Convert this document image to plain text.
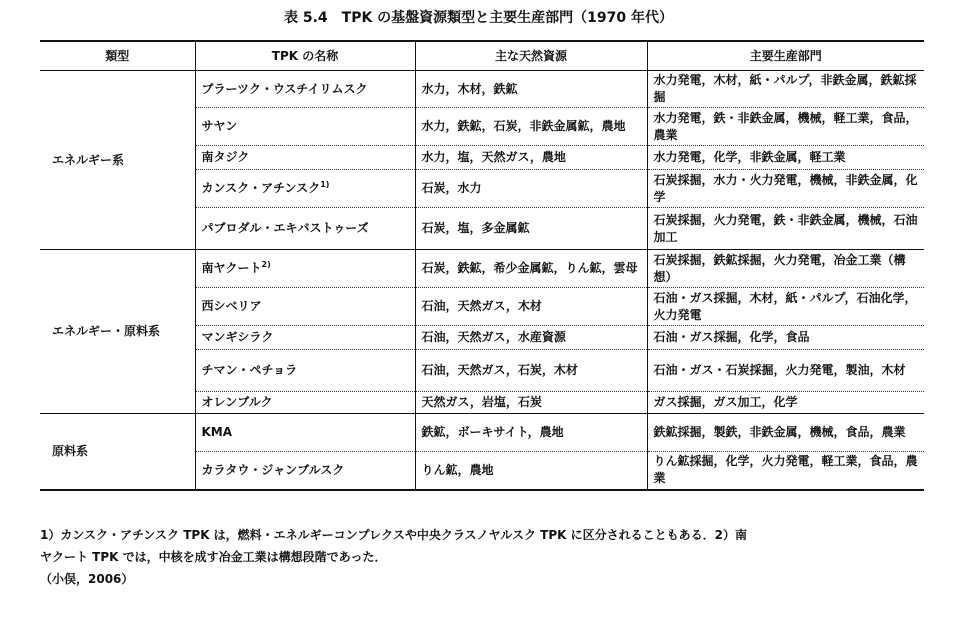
表 5.4　TPK の基盤資源類型と主要生産部門（1970 年代）
類型	TPK の名称	主な天然資源	主要生産部門
エネルギー系	ブラーツク・ウスチイリムスク	水力，木材，鉄鉱	水力発電，木材，紙・パルプ，非鉄金属，鉄鉱採掘
	サヤン	水力，鉄鉱，石炭，非鉄金属鉱，農地	水力発電，鉄・非鉄金属，機械，軽工業，食品，農業
	南タジク	水力，塩，天然ガス，農地	水力発電，化学，非鉄金属，軽工業
	カンスク・アチンスク$^{1)}$	石炭，水力	石炭採掘，水力・火力発電，機械，非鉄金属，化学
	パブロダル・エキバストゥーズ	石炭，塩，多金属鉱	石炭採掘，火力発電，鉄・非鉄金属，機械，石油加工
エネルギー・原料系	南ヤクート$^{2)}$	石炭，鉄鉱，希少金属鉱，りん鉱，雲母	石炭採掘，鉄鉱採掘，火力発電，冶金工業（構想）
	西シベリア	石油，天然ガス，木材	石油・ガス採掘，木材，紙・パルプ，石油化学，火力発電
	マンギシラク	石油，天然ガス，水産資源	石油・ガス採掘，化学，食品
	チマン・ペチョラ	石油，天然ガス，石炭，木材	石油・ガス・石炭採掘，火力発電，製油，木材
	オレンブルク	天然ガス，岩塩，石炭	ガス採掘，ガス加工，化学
原料系	KMA	鉄鉱，ボーキサイト，農地	鉄鉱採掘，製鉄，非鉄金属，機械，食品，農業
	カラタウ・ジャンブルスク	りん鉱，農地	りん鉱採掘，化学，火力発電，軽工業，食品，農業

1）カンスク・アチンスク TPK は，燃料・エネルギーコンプレクスや中央クラスノヤルスク TPK に区分されることもある．2）南

ヤクート TPK では，中核を成す冶金工業は構想段階であった．

（小俣，2006）
